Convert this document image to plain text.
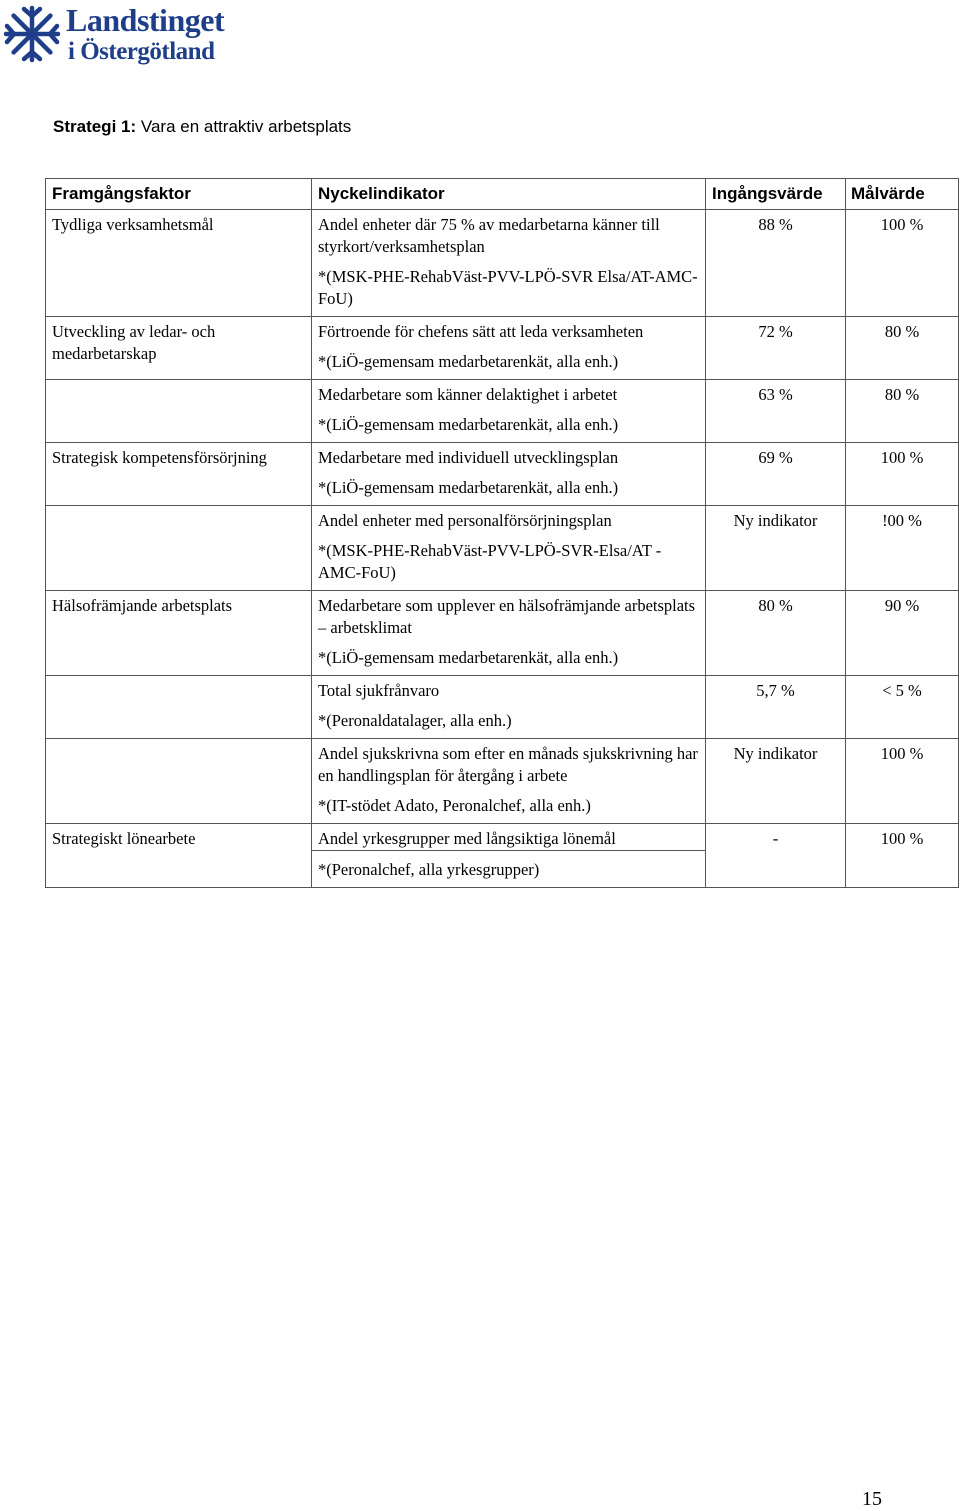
Landstinget
i Östergötland
Strategi 1: Vara en attraktiv arbetsplats
Framgångsfaktor	Nyckelindikator	Ingångsvärde	Målvärde
Tydliga verksamhetsmål	Andel enheter där 75 % av medarbetarna känner till styrkort/verksamhetsplan	88 %	100 %
	*(MSK-PHE-RehabVäst-PVV-LPÖ-SVR Elsa/AT-AMC-FoU)		
Utveckling av ledar- och medarbetarskap	Förtroende för chefens sätt att leda verksamheten	72 %	80 %
	*(LiÖ-gemensam medarbetarenkät, alla enh.)		
	Medarbetare som känner delaktighet i arbetet	63 %	80 %
	*(LiÖ-gemensam medarbetarenkät, alla enh.)		
Strategisk kompetensförsörjning	Medarbetare med individuell utvecklingsplan	69 %	100 %
	*(LiÖ-gemensam medarbetarenkät, alla enh.)		
	Andel enheter med personalförsörjningsplan	Ny indikator	!00 %
	*(MSK-PHE-RehabVäst-PVV-LPÖ-SVR-Elsa/AT -AMC-FoU)		
Hälsofrämjande arbetsplats	Medarbetare som upplever en hälsofrämjande arbetsplats – arbetsklimat	80 %	90 %
	*(LiÖ-gemensam medarbetarenkät, alla enh.)		
	Total sjukfrånvaro	5,7 %	< 5 %
	*(Peronaldatalager, alla enh.)		
	Andel sjukskrivna som efter en månads sjukskrivning har en handlingsplan för återgång i arbete	Ny indikator	100 %
	*(IT-stödet Adato, Peronalchef, alla enh.)		
Strategiskt lönearbete	Andel yrkesgrupper med långsiktiga lönemål	-	100 %
	*(Peronalchef, alla yrkesgrupper)		
15
